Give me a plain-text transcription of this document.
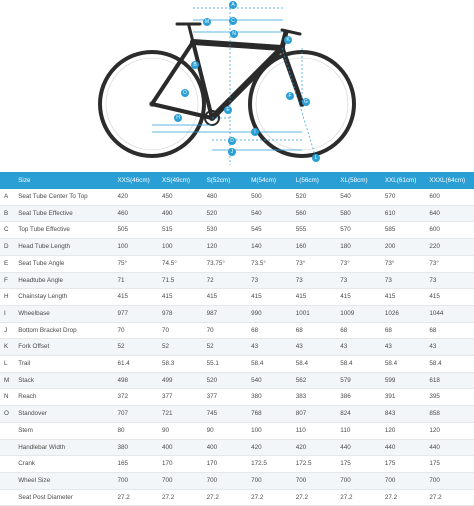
A
C
N
O
B
E
H
I
D
J
F
G
K
L
M
	Size	XXS(46cm)	XS(49cm)	S(52cm)	M(54cm)	L(56cm)	XL(58cm)	XXL(61cm)	XXXL(64cm)
A	Seat Tube Center To Top	420	450	480	500	520	540	570	600
B	Seat Tube Effective	460	490	520	540	560	580	610	640
C	Top Tube Effective	505	515	530	545	555	570	585	600
D	Head Tube Length	100	100	120	140	160	180	200	220
E	Seat Tube Angle	75°	74.5°	73.75°	73.5°	73°	73°	73°	73°
F	Headtube Angle	71	71.5	72	73	73	73	73	73
H	Chainstay Length	415	415	415	415	415	415	415	415
I	Wheelbase	977	978	987	990	1001	1009	1026	1044
J	Bottom Bracket Drop	70	70	70	68	68	68	68	68
K	Fork Offset	52	52	52	43	43	43	43	43
L	Trail	61.4	58.3	55.1	58.4	58.4	58.4	58.4	58.4
M	Stack	498	499	520	540	562	579	599	618
N	Reach	372	377	377	380	383	386	391	395
O	Standover	707	721	745	768	807	824	843	858
	Stem	80	90	90	100	110	110	120	120
	Handlebar Width	380	400	400	420	420	440	440	440
	Crank	165	170	170	172.5	172.5	175	175	175
	Wheel Size	700	700	700	700	700	700	700	700
	Seat Post Diameter	27.2	27.2	27.2	27.2	27.2	27.2	27.2	27.2
